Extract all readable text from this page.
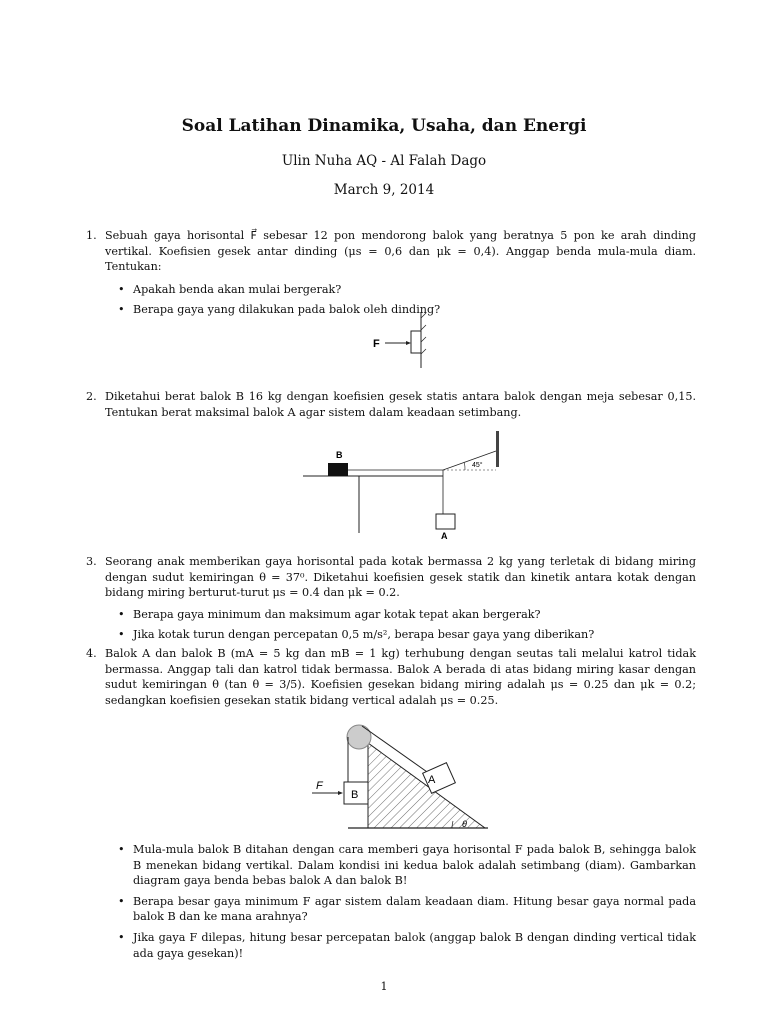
Soal Latihan Dinamika, Usaha, dan Energi
Ulin Nuha AQ - Al Falah Dago
March 9, 2014
1. Sebuah gaya horisontal F⃗ sebesar 12 pon mendorong balok yang beratnya 5 pon ke arah dinding vertikal. Koefisien gesek antar dinding (μs = 0,6 dan μk = 0,4). Anggap benda mula-mula diam. Tentukan:
• Apakah benda akan mulai bergerak?
• Berapa gaya yang dilakukan pada balok oleh dinding?
F
2. Diketahui berat balok B 16 kg dengan koefisien gesek statis antara balok dengan meja sebesar 0,15. Tentukan berat maksimal balok A agar sistem dalam keadaan setimbang.
B
45°
A
3. Seorang anak memberikan gaya horisontal pada kotak bermassa 2 kg yang terletak di bidang miring dengan sudut kemiringan θ = 37⁰. Diketahui koefisien gesek statik dan kinetik antara kotak dengan bidang miring berturut-turut μs = 0.4 dan μk = 0.2.
• Berapa gaya minimum dan maksimum agar kotak tepat akan bergerak?
• Jika kotak turun dengan percepatan 0,5 m/s², berapa besar gaya yang diberikan?
4. Balok A dan balok B (mA = 5 kg dan mB = 1 kg) terhubung dengan seutas tali melalui katrol tidak bermassa. Anggap tali dan katrol tidak bermassa. Balok A berada di atas bidang miring kasar dengan sudut kemiringan θ (tan θ = 3/5). Koefisien gesekan bidang miring adalah μs = 0.25 dan μk = 0.2; sedangkan koefisien gesekan statik bidang vertical adalah μs = 0.25.
A
B
F
θ
• Mula-mula balok B ditahan dengan cara memberi gaya horisontal F pada balok B, sehingga balok B menekan bidang vertikal. Dalam kondisi ini kedua balok adalah setimbang (diam). Gambarkan diagram gaya benda bebas balok A dan balok B!
• Berapa besar gaya minimum F agar sistem dalam keadaan diam. Hitung besar gaya normal pada balok B dan ke mana arahnya?
• Jika gaya F dilepas, hitung besar percepatan balok (anggap balok B dengan dinding vertical tidak ada gaya gesekan)!
1
